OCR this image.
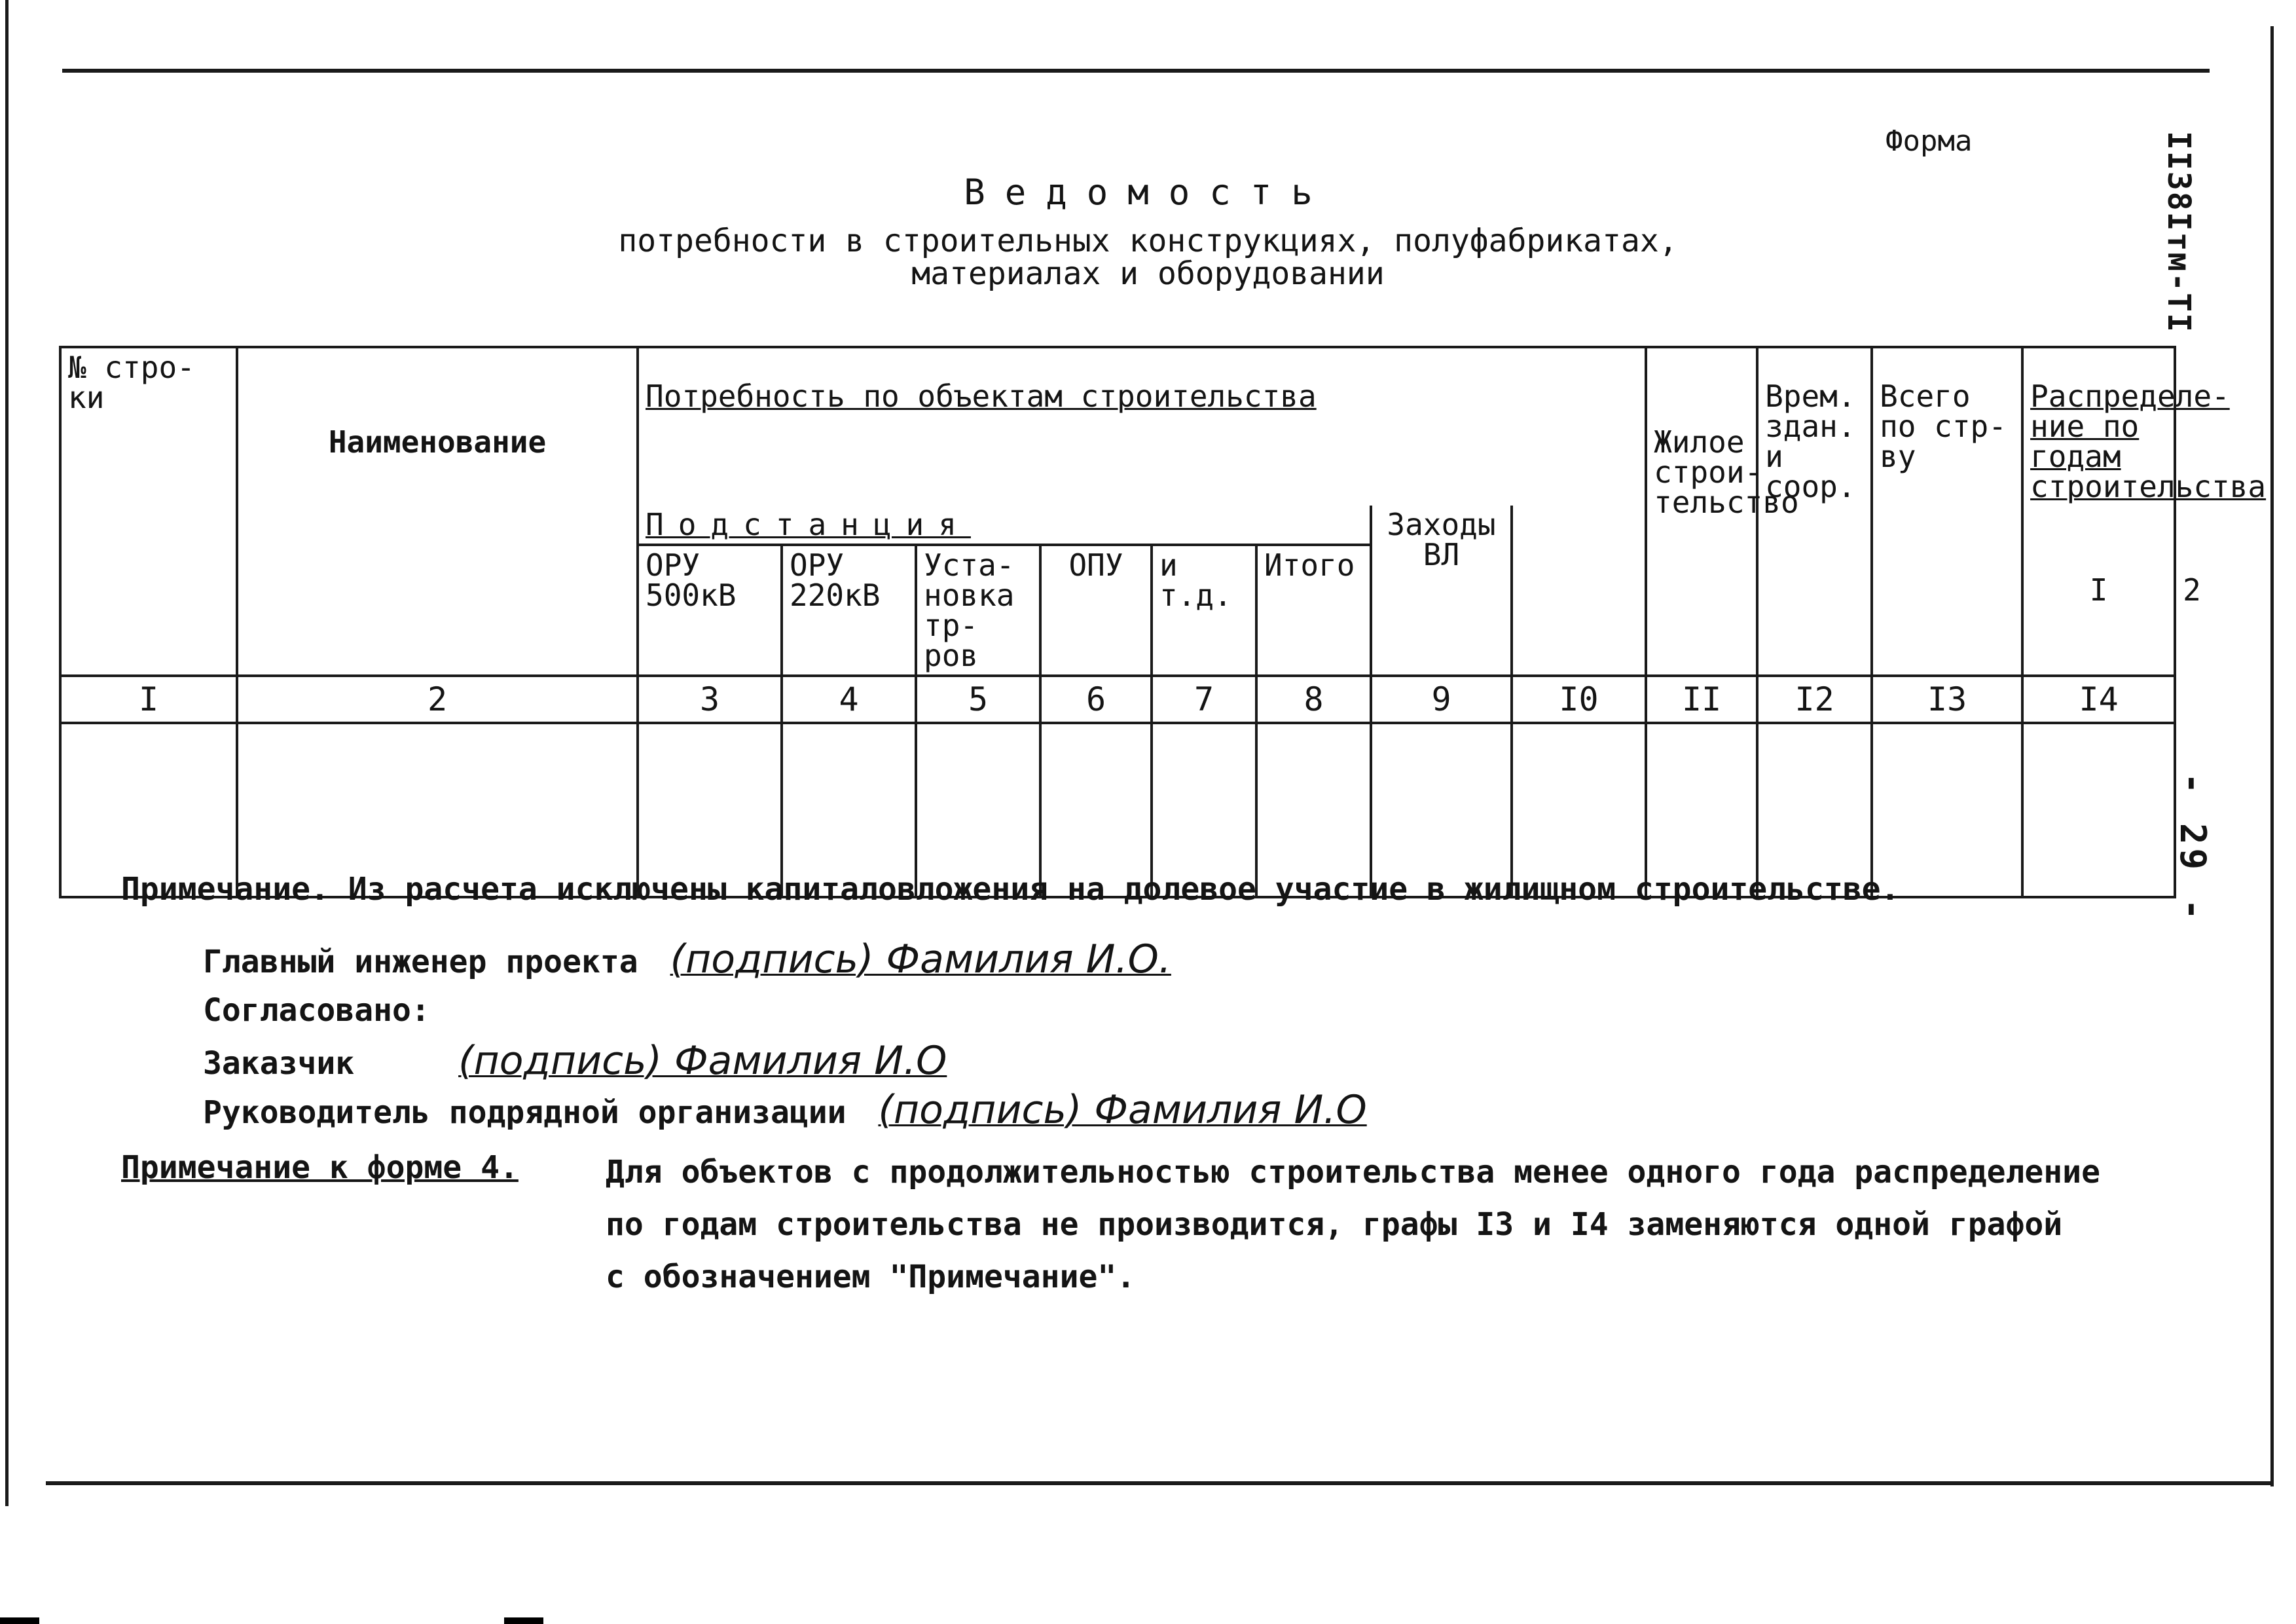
Форма	II38Iтм-ТI
- 29 -
Ведомость
потребности в строительных конструкциях, полуфабрикатах,
материалах и оборудовании
№ стро-ки	Наименование	Потребность по объектам строительства								Жилое строи-тельство	Врем. здан. и соор.	Всего по стр-ву	Распределе-ние по годам строительства	
		Подстанция						Заходы ВЛ					I	2
		ОРУ 500кВ	ОРУ 220кВ	Уста-новка тр-ров	ОПУ	и т.д.	Итого							
I	2	3	4	5	6	7	8	9	I0	II	I2	I3	I4	

Примечание. Из расчета исключены капиталовложения на долевое участие в жилищном строительстве.
Главный инженер проекта (подпись) Фамилия И.О.
Согласовано:
Заказчик	(подпись) Фамилия И.О
Руководитель подрядной организации (подпись) Фамилия И.О
Примечание к форме 4.	Для объектов с продолжительностью строительства менее одного года распределение
по годам строительства не производится, графы I3 и I4 заменяются одной графой
с обозначением "Примечание".
